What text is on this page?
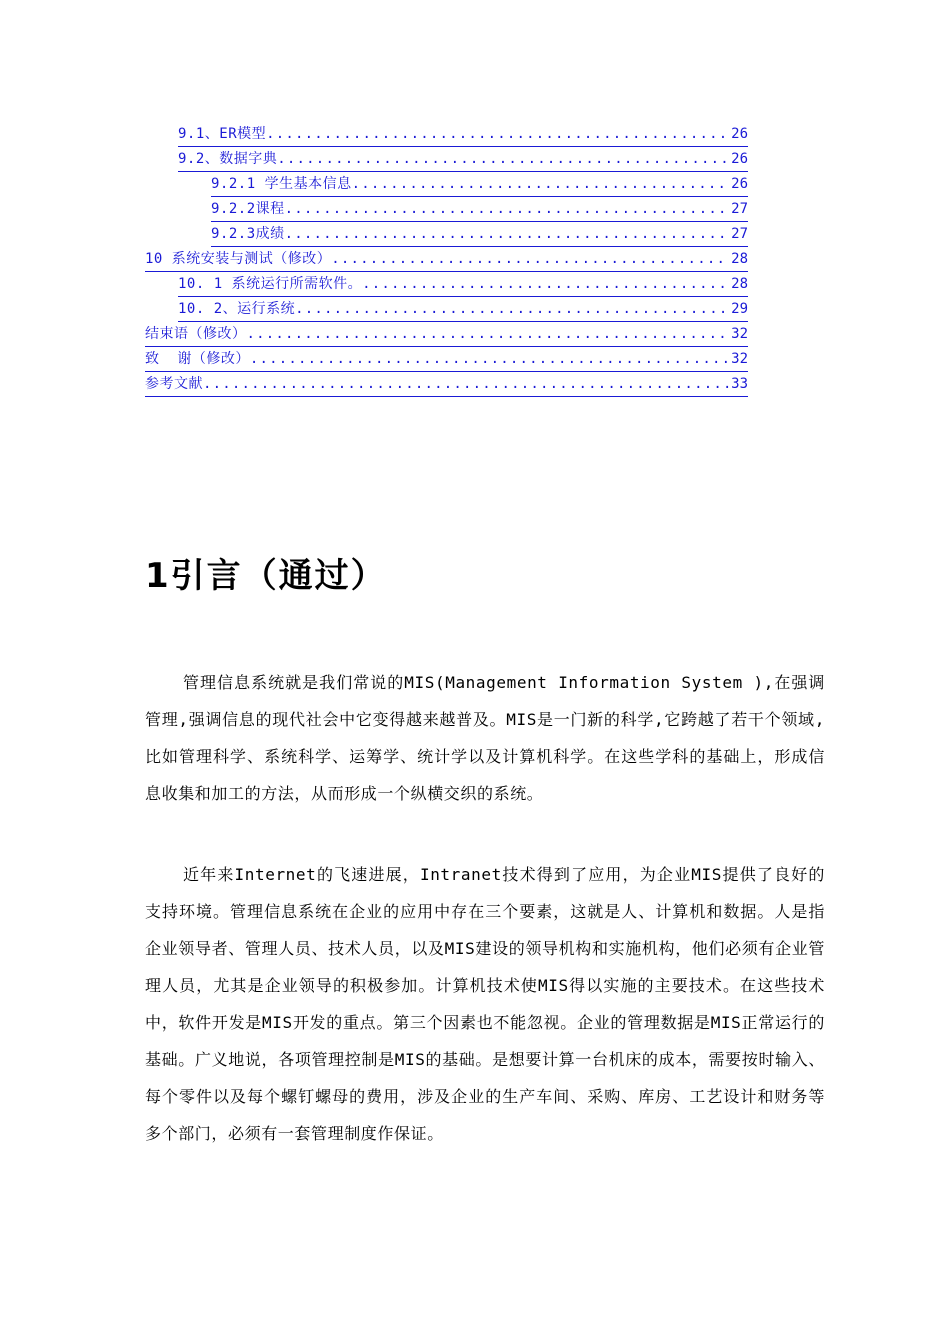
9.1、ER模型 .....	26
9.2、数据字典 .....	26
9.2.1 学生基本信息 .....	26
9.2.2课程 .....	27
9.2.3成绩 .....	27
10 系统安装与测试（修改） .....	28
10. 1 系统运行所需软件。 .....	28
10. 2、运行系统 .....	29
结束语（修改） .....	32
致  谢（修改） .....	32
参考文献 .....	33
1引言（通过）

管理信息系统就是我们常说的MIS(Management Information System ),在强调管理,强调信息的现代社会中它变得越来越普及。MIS是一门新的科学,它跨越了若干个领域,比如管理科学、系统科学、运筹学、统计学以及计算机科学。在这些学科的基础上，形成信息收集和加工的方法，从而形成一个纵横交织的系统。

近年来Internet的飞速进展，Intranet技术得到了应用，为企业MIS提供了良好的支持环境。管理信息系统在企业的应用中存在三个要素，这就是人、计算机和数据。人是指企业领导者、管理人员、技术人员，以及MIS建设的领导机构和实施机构，他们必须有企业管理人员，尤其是企业领导的积极参加。计算机技术使MIS得以实施的主要技术。在这些技术中，软件开发是MIS开发的重点。第三个因素也不能忽视。企业的管理数据是MIS正常运行的基础。广义地说，各项管理控制是MIS的基础。是想要计算一台机床的成本，需要按时输入、每个零件以及每个螺钉螺母的费用，涉及企业的生产车间、采购、库房、工艺设计和财务等多个部门，必须有一套管理制度作保证。
